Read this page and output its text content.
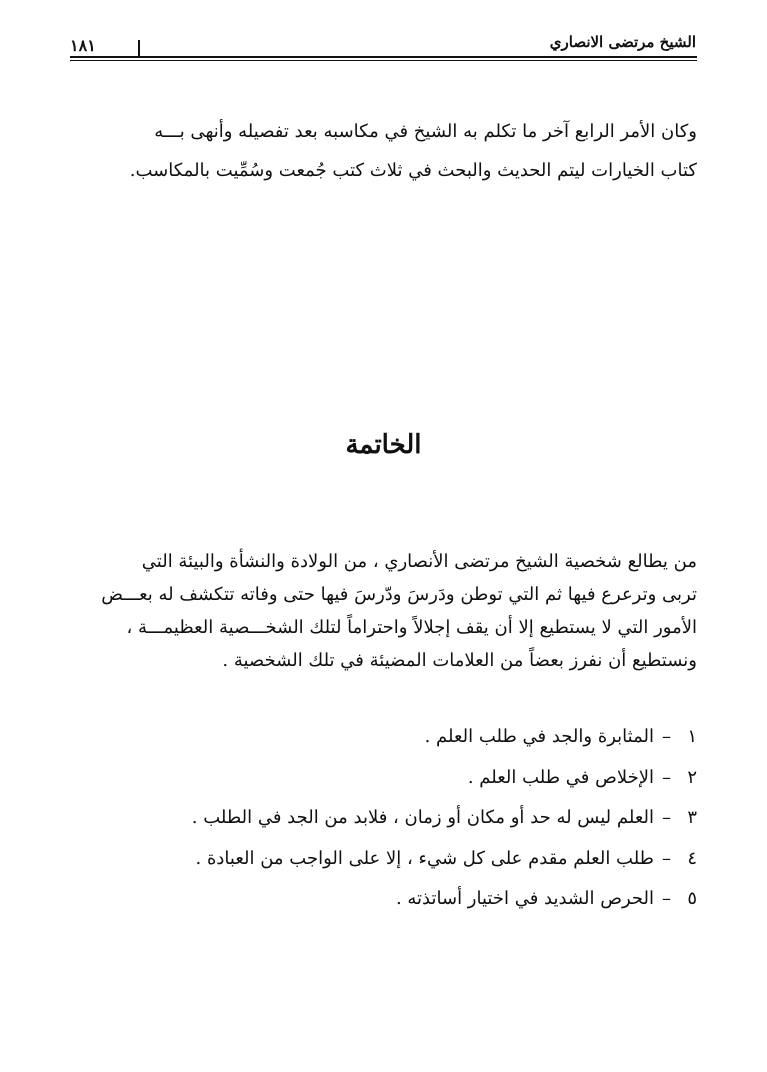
الشيخ مرتضى الانصاري
١٨١
وكان الأمر الرابع آخر ما تكلم به الشيخ في مكاسبه بعد تفصيله وأنهى بـــه
كتاب الخيارات ليتم الحديث والبحث في ثلاث كتب جُمعت وسُمِّيت بالمكاسب.
الخاتمة
من يطالع شخصية الشيخ مرتضى الأنصاري ، من الولادة والنشأة والبيئة التي
تربى وترعرع فيها ثم التي توطن ودَرسَ ودّرسَ فيها حتى وفاته تتكشف له بعـــض
الأمور التي لا يستطيع إلا أن يقف إجلالاً واحتراماً لتلك الشخـــصية العظيمـــة ،
ونستطيع أن نفرز بعضاً من العلامات المضيئة في تلك الشخصية .
١–المثابرة والجد في طلب العلم .
٢–الإخلاص في طلب العلم .
٣–العلم ليس له حد أو مكان أو زمان ، فلابد من الجد في الطلب .
٤–طلب العلم مقدم على كل شيء ، إلا على الواجب من العبادة .
٥–الحرص الشديد في اختيار أساتذته .
